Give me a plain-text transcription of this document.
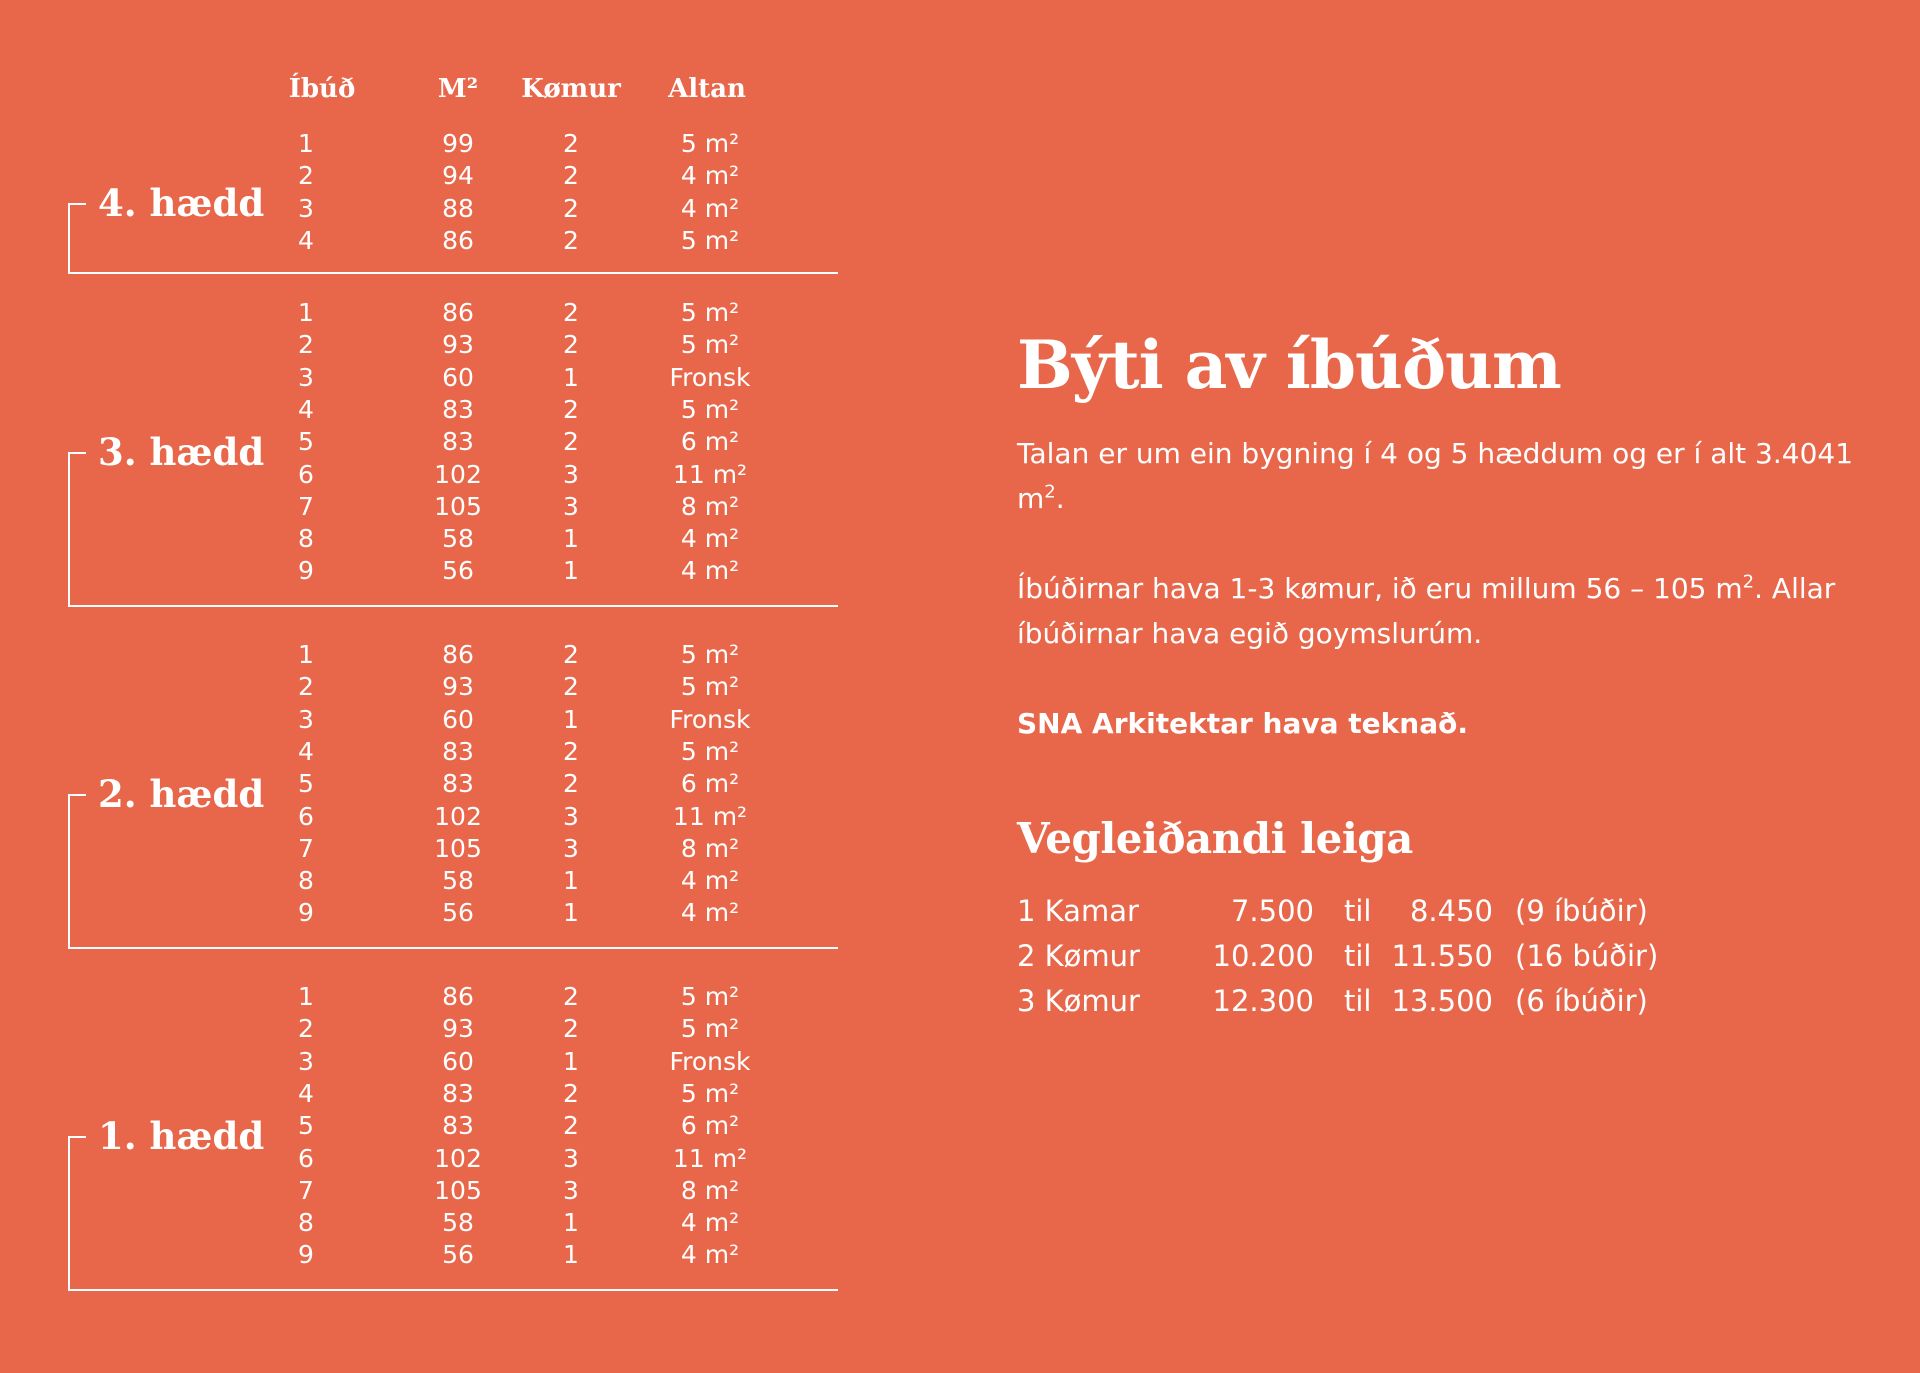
Íbúð	M² Kømur Altan
4. hædd
1	99	2	5 m²
2	94	2	4 m²
3	88	2	4 m²
4	86	2	5 m²
3. hædd
1	86	2	5 m²
2	93	2	5 m²
3	60	1	Fronsk
4	83	2	5 m²
5	83	2	6 m²
6	102	3	11 m²
7	105	3	8 m²
8	58	1	4 m²
9	56	1	4 m²
2. hædd
1	86	2	5 m²
2	93	2	5 m²
3	60	1	Fronsk
4	83	2	5 m²
5	83	2	6 m²
6	102	3	11 m²
7	105	3	8 m²
8	58	1	4 m²
9	56	1	4 m²
1. hædd
1	86	2	5 m²
2	93	2	5 m²
3	60	1	Fronsk
4	83	2	5 m²
5	83	2	6 m²
6	102	3	11 m²
7	105	3	8 m²
8	58	1	4 m²
9	56	1	4 m²
Býti av íbúðum
Talan er um ein bygning í 4 og 5 hæddum og er í alt 3.4041 $m^2$.
Íbúðirnar hava 1-3 kømur, ið eru millum 56 – 105 $m^2$. Allar íbúðirnar hava egið goymslurúm.
SNA Arkitektar hava teknað.
Vegleiðandi leiga
1 Kamar	7.500 til 8.450 (9 íbúðir)
2 Kømur	10.200 til 11.550 (16 búðir)
3 Kømur	12.300 til 13.500 (6 íbúðir)
